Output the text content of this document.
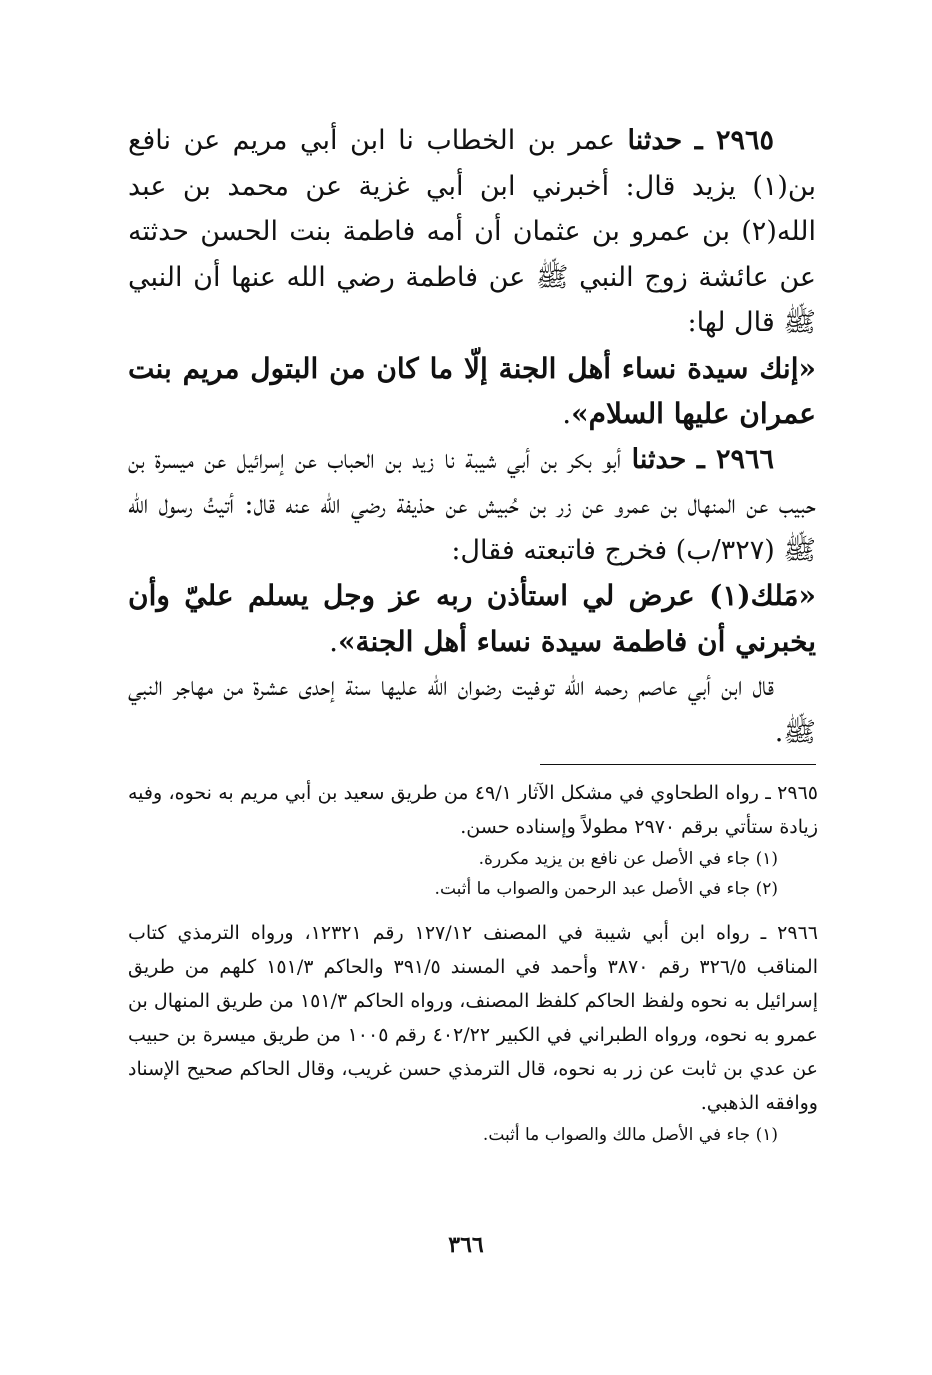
٢٩٦٥ ـ حدثنا عمر بن الخطاب نا ابن أبي مريم عن نافع بن(١) يزيد قال: أخبرني ابن أبي غزية عن محمد بن عبد الله(٢) بن عمرو بن عثمان أن أمه فاطمة بنت الحسن حدثته عن عائشة زوج النبي ﷺ عن فاطمة رضي الله عنها أن النبي ﷺ قال لها:

«إنك سيدة نساء أهل الجنة إلّا ما كان من البتول مريم بنت عمران عليها السلام».

٢٩٦٦ ـ حدثنا أبو بكر بن أبي شيبة نا زيد بن الحباب عن إسرائيل عن ميسرة بن حبيب عن المنهال بن عمرو عن زر بن حُبيش عن حذيفة رضي الله عنه قال: أتيتُ رسول الله ﷺ (٣٢٧/ب) فخرج فاتبعته فقال:

«مَلك(١) عرض لي استأذن ربه عز وجل يسلم عليّ وأن يخبرني أن فاطمة سيدة نساء أهل الجنة».

قال ابن أبي عاصم رحمه الله توفيت رضوان الله عليها سنة إحدى عشرة من مهاجر النبي ﷺ.

٢٩٦٥ ـ رواه الطحاوي في مشكل الآثار ٤٩/١ من طريق سعيد بن أبي مريم به نحوه، وفيه زيادة ستأتي برقم ٢٩٧٠ مطولاً وإسناده حسن.

(١) جاء في الأصل عن نافع بن يزيد مكررة.

(٢) جاء في الأصل عبد الرحمن والصواب ما أثبت.

٢٩٦٦ ـ رواه ابن أبي شيبة في المصنف ١٢٧/١٢ رقم ١٢٣٢١، ورواه الترمذي كتاب المناقب ٣٢٦/٥ رقم ٣٨٧٠ وأحمد في المسند ٣٩١/٥ والحاكم ١٥١/٣ كلهم من طريق إسرائيل به نحوه ولفظ الحاكم كلفظ المصنف، ورواه الحاكم ١٥١/٣ من طريق المنهال بن عمرو به نحوه، ورواه الطبراني في الكبير ٤٠٢/٢٢ رقم ١٠٠٥ من طريق ميسرة بن حبيب عن عدي بن ثابت عن زر به نحوه، قال الترمذي حسن غريب، وقال الحاكم صحيح الإسناد ووافقه الذهبي.

(١) جاء في الأصل مالك والصواب ما أثبت.

٣٦٦
